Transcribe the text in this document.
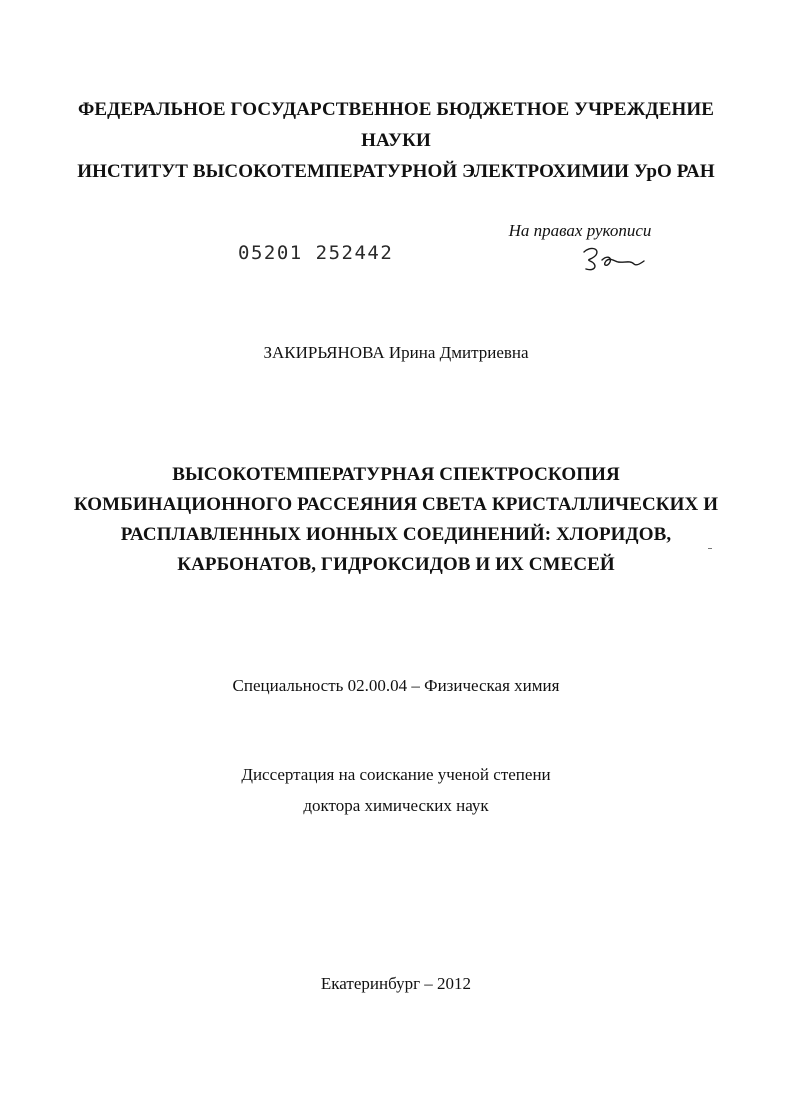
ФЕДЕРАЛЬНОЕ ГОСУДАРСТВЕННОЕ БЮДЖЕТНОЕ УЧРЕЖДЕНИЕ
НАУКИ
ИНСТИТУТ ВЫСОКОТЕМПЕРАТУРНОЙ ЭЛЕКТРОХИМИИ УрО РАН
На правах рукописи
05201 252442
ЗАКИРЬЯНОВА Ирина Дмитриевна
ВЫСОКОТЕМПЕРАТУРНАЯ СПЕКТРОСКОПИЯ
КОМБИНАЦИОННОГО РАССЕЯНИЯ СВЕТА КРИСТАЛЛИЧЕСКИХ И
РАСПЛАВЛЕННЫХ ИОННЫХ СОЕДИНЕНИЙ: ХЛОРИДОВ,
КАРБОНАТОВ, ГИДРОКСИДОВ И ИХ СМЕСЕЙ
Специальность 02.00.04 – Физическая химия
Диссертация на соискание ученой степени
доктора химических наук
Екатеринбург – 2012
